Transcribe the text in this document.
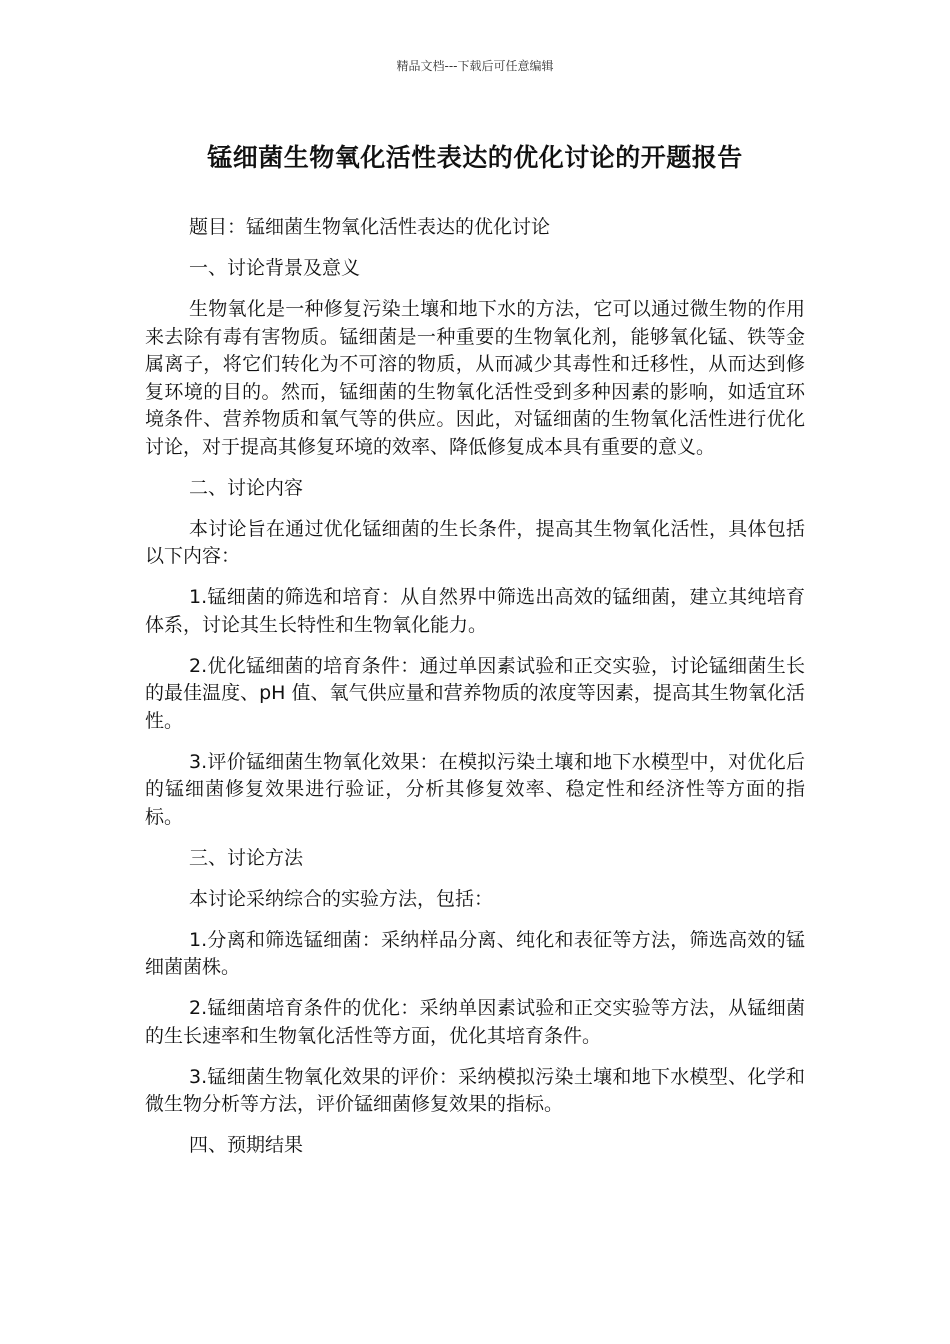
精品文档---下载后可任意编辑
锰细菌生物氧化活性表达的优化讨论的开题报告

题目：锰细菌生物氧化活性表达的优化讨论

一、讨论背景及意义

生物氧化是一种修复污染土壤和地下水的方法，它可以通过微生物的作用来去除有毒有害物质。锰细菌是一种重要的生物氧化剂，能够氧化锰、铁等金属离子，将它们转化为不可溶的物质，从而减少其毒性和迁移性，从而达到修复环境的目的。然而，锰细菌的生物氧化活性受到多种因素的影响，如适宜环境条件、营养物质和氧气等的供应。因此，对锰细菌的生物氧化活性进行优化讨论，对于提高其修复环境的效率、降低修复成本具有重要的意义。

二、讨论内容

本讨论旨在通过优化锰细菌的生长条件，提高其生物氧化活性，具体包括以下内容：

1.锰细菌的筛选和培育：从自然界中筛选出高效的锰细菌，建立其纯培育体系，讨论其生长特性和生物氧化能力。

2.优化锰细菌的培育条件：通过单因素试验和正交实验，讨论锰细菌生长的最佳温度、pH 值、氧气供应量和营养物质的浓度等因素，提高其生物氧化活性。

3.评价锰细菌生物氧化效果：在模拟污染土壤和地下水模型中，对优化后的锰细菌修复效果进行验证，分析其修复效率、稳定性和经济性等方面的指标。

三、讨论方法

本讨论采纳综合的实验方法，包括：

1.分离和筛选锰细菌：采纳样品分离、纯化和表征等方法，筛选高效的锰细菌菌株。

2.锰细菌培育条件的优化：采纳单因素试验和正交实验等方法，从锰细菌的生长速率和生物氧化活性等方面，优化其培育条件。

3.锰细菌生物氧化效果的评价：采纳模拟污染土壤和地下水模型、化学和微生物分析等方法，评价锰细菌修复效果的指标。

四、预期结果
